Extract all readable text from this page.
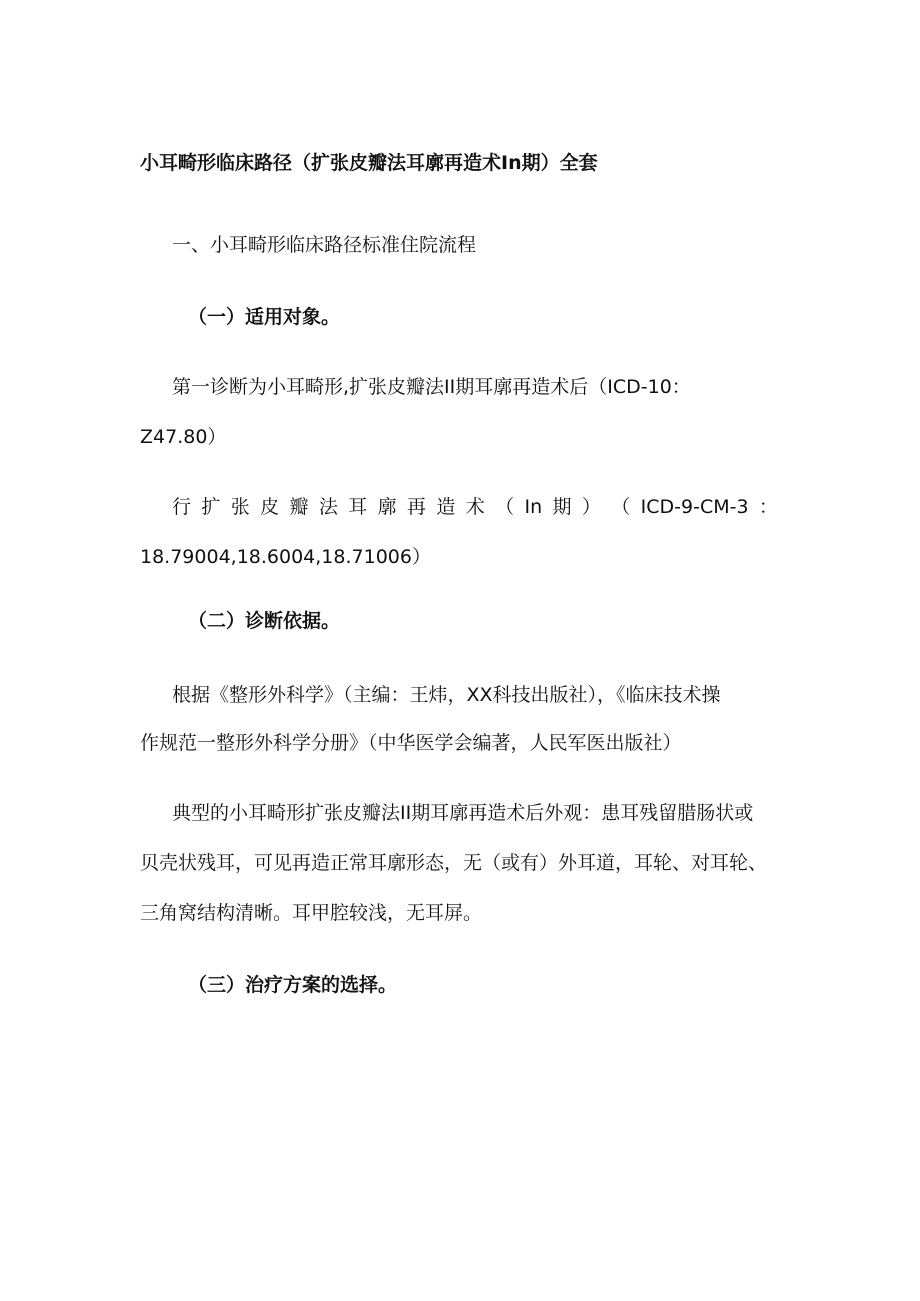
小耳畸形临床路径（扩张皮瓣法耳廓再造术In期）全套
一、小耳畸形临床路径标准住院流程
（一）适用对象。
第一诊断为小耳畸形,扩张皮瓣法II期耳廓再造术后（ICD-10：
Z47.80）
行 扩 张 皮 瓣 法 耳 廓 再 造 术 （ In 期 ） （ ICD-9-CM-3 ：
18.79004,18.6004,18.71006）
（二）诊断依据。
根据《整形外科学》（主编：王炜，XX科技出版社），《临床技术操
作规范一整形外科学分册》（中华医学会编著，人民军医出版社）
典型的小耳畸形扩张皮瓣法II期耳廓再造术后外观：患耳残留腊肠状或
贝壳状残耳，可见再造正常耳廓形态，无（或有）外耳道，耳轮、对耳轮、
三角窝结构清晰。耳甲腔较浅，无耳屏。
（三）治疗方案的选择。
